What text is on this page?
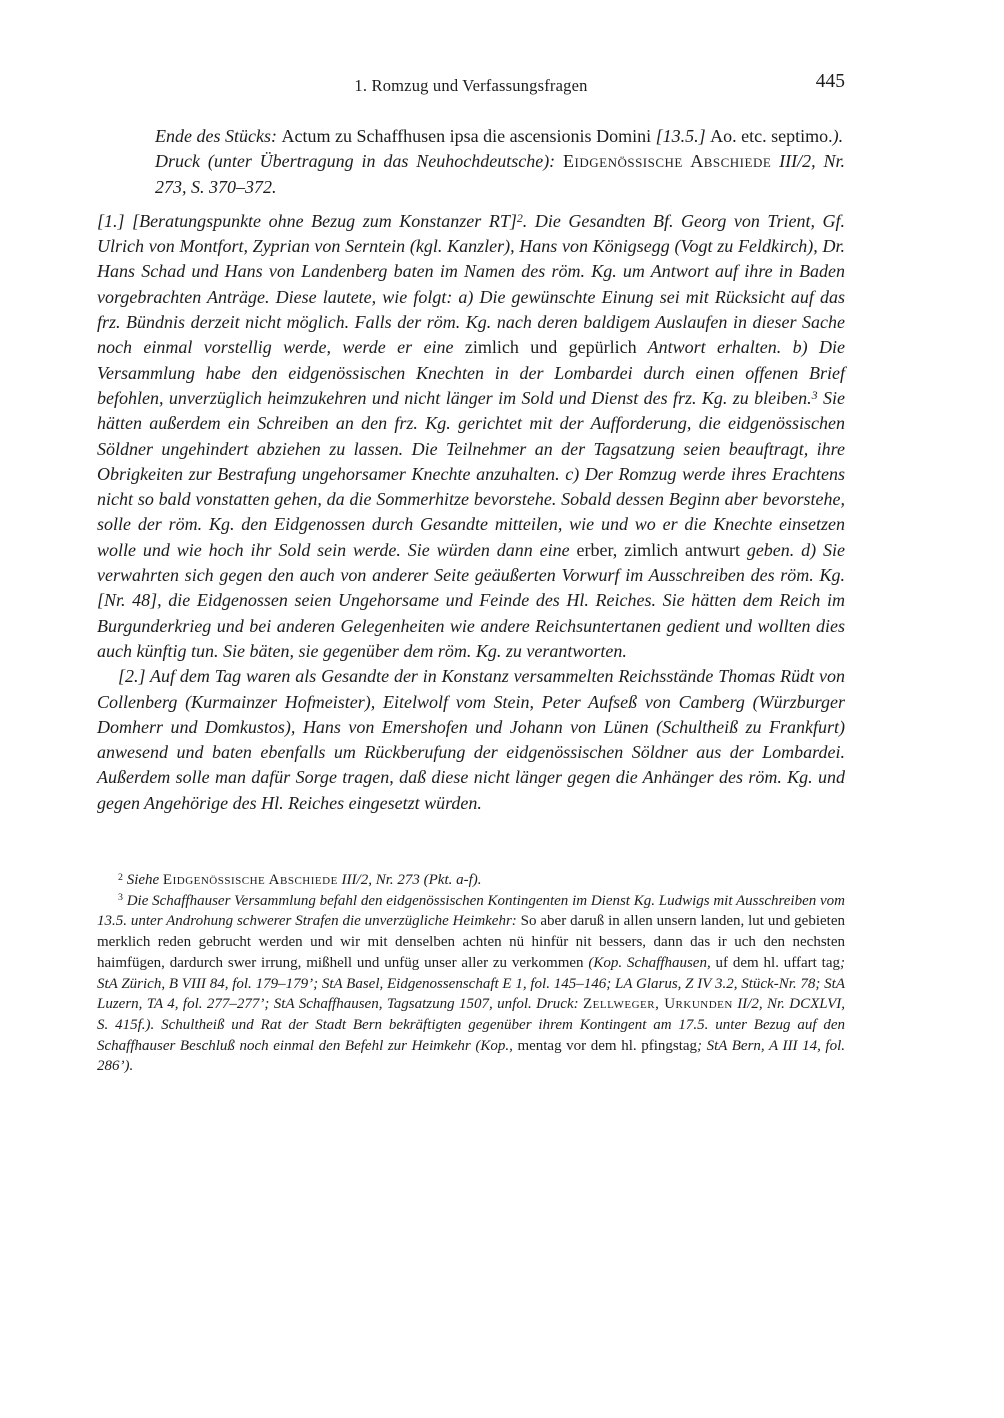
1. Romzug und Verfassungsfragen	445

Ende des Stücks: Actum zu Schaffhusen ipsa die ascensionis Domini [13.5.] Ao. etc. septimo.).

Druck (unter Übertragung in das Neuhochdeutsche): Eidgenössische Abschiede III/2, Nr. 273, S. 370–372.

[1.] [Beratungspunkte ohne Bezug zum Konstanzer RT]$^2$. Die Gesandten Bf. Georg von Trient, Gf. Ulrich von Montfort, Zyprian von Serntein (kgl. Kanzler), Hans von Königsegg (Vogt zu Feldkirch), Dr. Hans Schad und Hans von Landenberg baten im Namen des röm. Kg. um Antwort auf ihre in Baden vorgebrachten Anträge. Diese lautete, wie folgt: a) Die gewünschte Einung sei mit Rücksicht auf das frz. Bündnis derzeit nicht möglich. Falls der röm. Kg. nach deren baldigem Auslaufen in dieser Sache noch einmal vorstellig werde, werde er eine zimlich und gepürlich Antwort erhalten. b) Die Versammlung habe den eidgenössischen Knechten in der Lombardei durch einen offenen Brief befohlen, unverzüglich heimzukehren und nicht länger im Sold und Dienst des frz. Kg. zu bleiben.$^3$ Sie hätten außerdem ein Schreiben an den frz. Kg. gerichtet mit der Aufforderung, die eidgenössischen Söldner ungehindert abziehen zu lassen. Die Teilnehmer an der Tagsatzung seien beauftragt, ihre Obrigkeiten zur Bestrafung ungehorsamer Knechte anzuhalten. c) Der Romzug werde ihres Erachtens nicht so bald vonstatten gehen, da die Sommerhitze bevorstehe. Sobald dessen Beginn aber bevorstehe, solle der röm. Kg. den Eidgenossen durch Gesandte mitteilen, wie und wo er die Knechte einsetzen wolle und wie hoch ihr Sold sein werde. Sie würden dann eine erber, zimlich antwurt geben. d) Sie verwahrten sich gegen den auch von anderer Seite geäußerten Vorwurf im Ausschreiben des röm. Kg. [Nr. 48], die Eidgenossen seien Ungehorsame und Feinde des Hl. Reiches. Sie hätten dem Reich im Burgunderkrieg und bei anderen Gelegenheiten wie andere Reichsuntertanen gedient und wollten dies auch künftig tun. Sie bäten, sie gegenüber dem röm. Kg. zu verantworten.

[2.] Auf dem Tag waren als Gesandte der in Konstanz versammelten Reichsstände Thomas Rüdt von Collenberg (Kurmainzer Hofmeister), Eitelwolf vom Stein, Peter Aufseß von Camberg (Würzburger Domherr und Domkustos), Hans von Emershofen und Johann von Lünen (Schultheiß zu Frankfurt) anwesend und baten ebenfalls um Rückberufung der eidgenössischen Söldner aus der Lombardei. Außerdem solle man dafür Sorge tragen, daß diese nicht länger gegen die Anhänger des röm. Kg. und gegen Angehörige des Hl. Reiches eingesetzt würden.

$^2$ Siehe Eidgenössische Abschiede III/2, Nr. 273 (Pkt. a-f).

$^3$ Die Schaffhauser Versammlung befahl den eidgenössischen Kontingenten im Dienst Kg. Ludwigs mit Ausschreiben vom 13.5. unter Androhung schwerer Strafen die unverzügliche Heimkehr: So aber daruß in allen unsern landen, lut und gebieten merklich reden gebrucht werden und wir mit denselben achten nü hinfür nit bessers, dann das ir uch den nechsten haimfügen, dardurch swer irrung, mißhell und unfüg unser aller zu verkommen (Kop. Schaffhausen, uf dem hl. uffart tag; StA Zürich, B VIII 84, fol. 179–179’; StA Basel, Eidgenossenschaft E 1, fol. 145–146; LA Glarus, Z IV 3.2, Stück-Nr. 78; StA Luzern, TA 4, fol. 277–277’; StA Schaffhausen, Tagsatzung 1507, unfol. Druck: Zellweger, Urkunden II/2, Nr. DCXLVI, S. 415f.). Schultheiß und Rat der Stadt Bern bekräftigten gegenüber ihrem Kontingent am 17.5. unter Bezug auf den Schaffhauser Beschluß noch einmal den Befehl zur Heimkehr (Kop., mentag vor dem hl. pfingstag; StA Bern, A III 14, fol. 286’).
